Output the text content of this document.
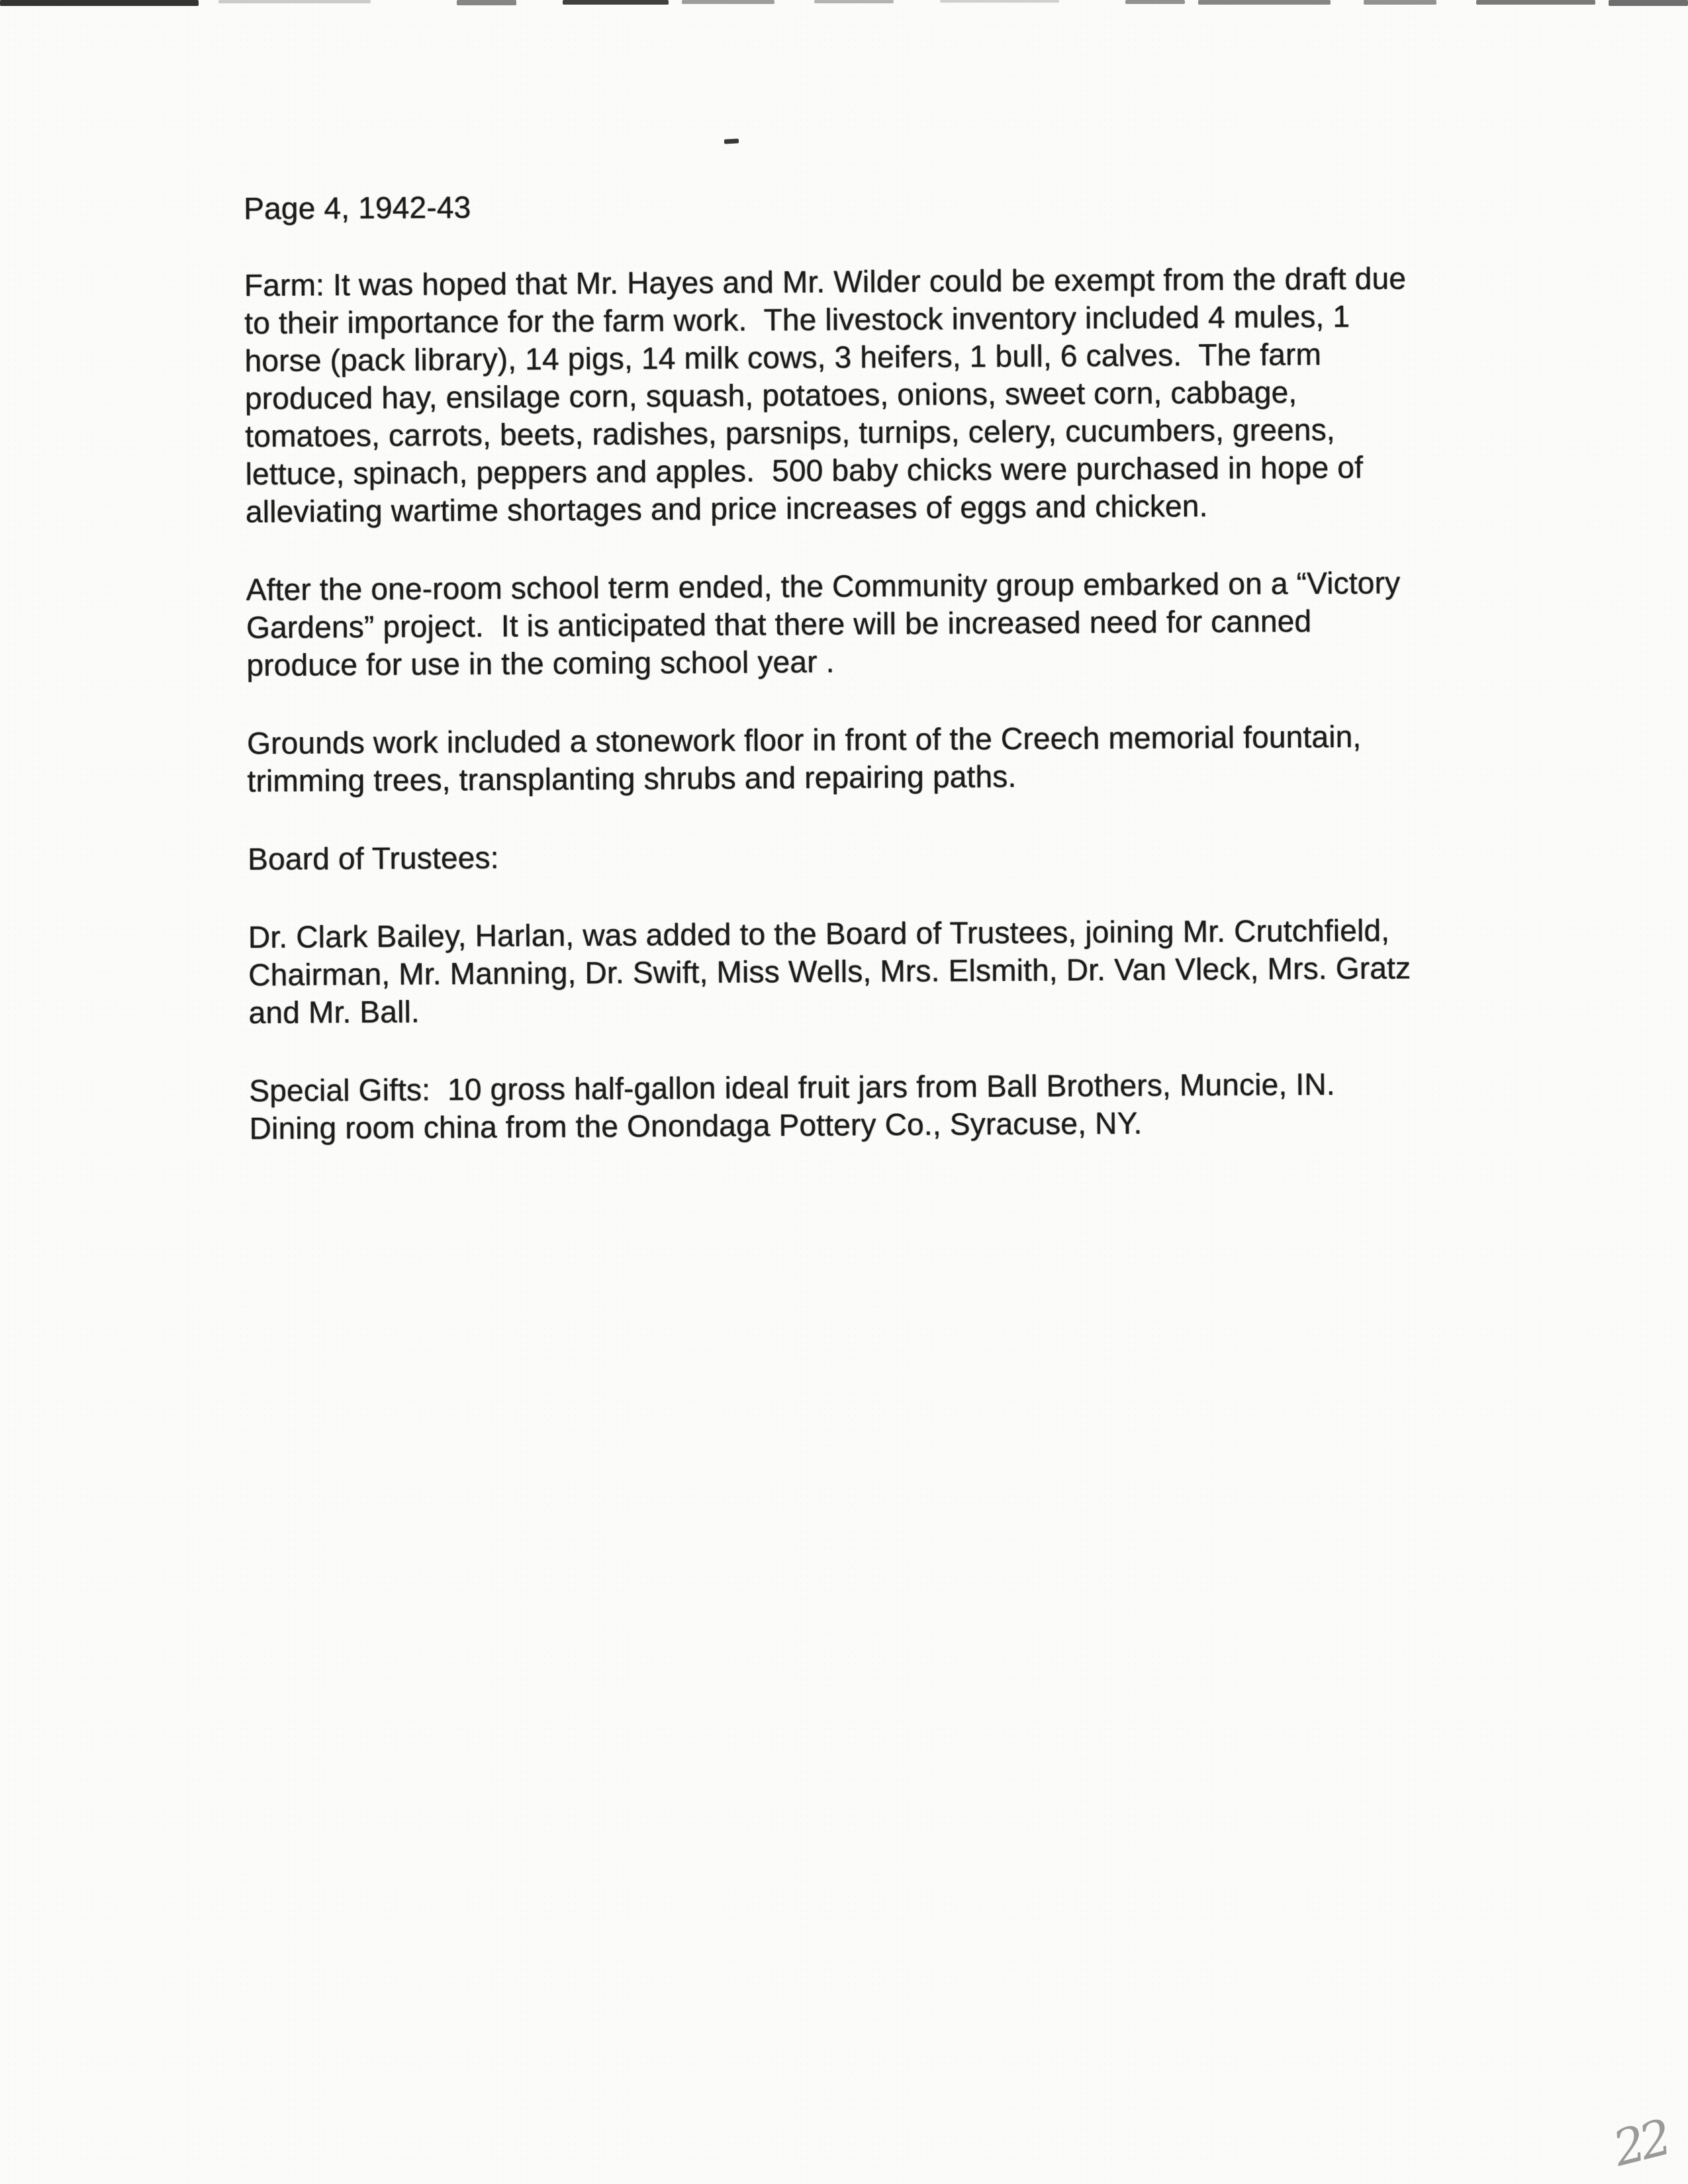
Page 4, 1942-43
Farm: It was hoped that Mr. Hayes and Mr. Wilder could be exempt from the draft due
to their importance for the farm work.  The livestock inventory included 4 mules, 1
horse (pack library), 14 pigs, 14 milk cows, 3 heifers, 1 bull, 6 calves.  The farm
produced hay, ensilage corn, squash, potatoes, onions, sweet corn, cabbage,
tomatoes, carrots, beets, radishes, parsnips, turnips, celery, cucumbers, greens,
lettuce, spinach, peppers and apples.  500 baby chicks were purchased in hope of
alleviating wartime shortages and price increases of eggs and chicken.
After the one-room school term ended, the Community group embarked on a “Victory
Gardens” project.  It is anticipated that there will be increased need for canned
produce for use in the coming school year .
Grounds work included a stonework floor in front of the Creech memorial fountain,
trimming trees, transplanting shrubs and repairing paths.
Board of Trustees:
Dr. Clark Bailey, Harlan, was added to the Board of Trustees, joining Mr. Crutchfield,
Chairman, Mr. Manning, Dr. Swift, Miss Wells, Mrs. Elsmith, Dr. Van Vleck, Mrs. Gratz
and Mr. Ball.
Special Gifts:  10 gross half-gallon ideal fruit jars from Ball Brothers, Muncie, IN.
Dining room china from the Onondaga Pottery Co., Syracuse, NY.
22
